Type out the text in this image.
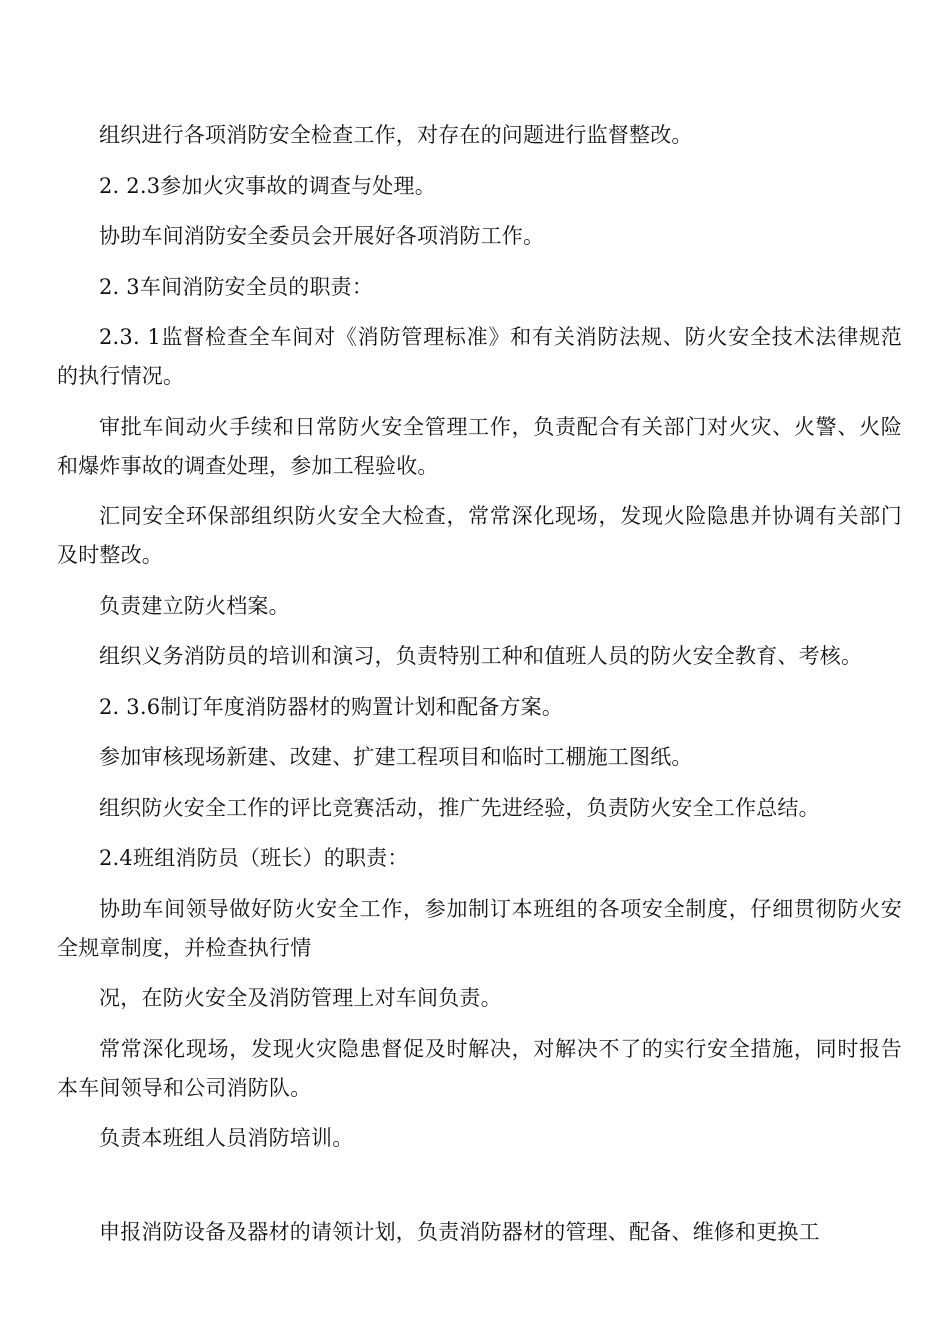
组织进行各项消防安全检查工作，对存在的问题进行监督整改。

2. 2.3参加火灾事故的调查与处理。

协助车间消防安全委员会开展好各项消防工作。

2. 3车间消防安全员的职责：

2.3. 1监督检查全车间对《消防管理标准》和有关消防法规、防火安全技术法律规范的执行情况。

审批车间动火手续和日常防火安全管理工作，负责配合有关部门对火灾、火警、火险和爆炸事故的调查处理，参加工程验收。

汇同安全环保部组织防火安全大检查，常常深化现场，发现火险隐患并协调有关部门及时整改。

负责建立防火档案。

组织义务消防员的培训和演习，负责特别工种和值班人员的防火安全教育、考核。

2. 3.6制订年度消防器材的购置计划和配备方案。

参加审核现场新建、改建、扩建工程项目和临时工棚施工图纸。

组织防火安全工作的评比竞赛活动，推广先进经验，负责防火安全工作总结。

2.4班组消防员（班长）的职责：

协助车间领导做好防火安全工作，参加制订本班组的各项安全制度，仔细贯彻防火安全规章制度，并检查执行情

况，在防火安全及消防管理上对车间负责。

常常深化现场，发现火灾隐患督促及时解决，对解决不了的实行安全措施，同时报告本车间领导和公司消防队。

负责本班组人员消防培训。

申报消防设备及器材的请领计划，负责消防器材的管理、配备、维修和更换工
